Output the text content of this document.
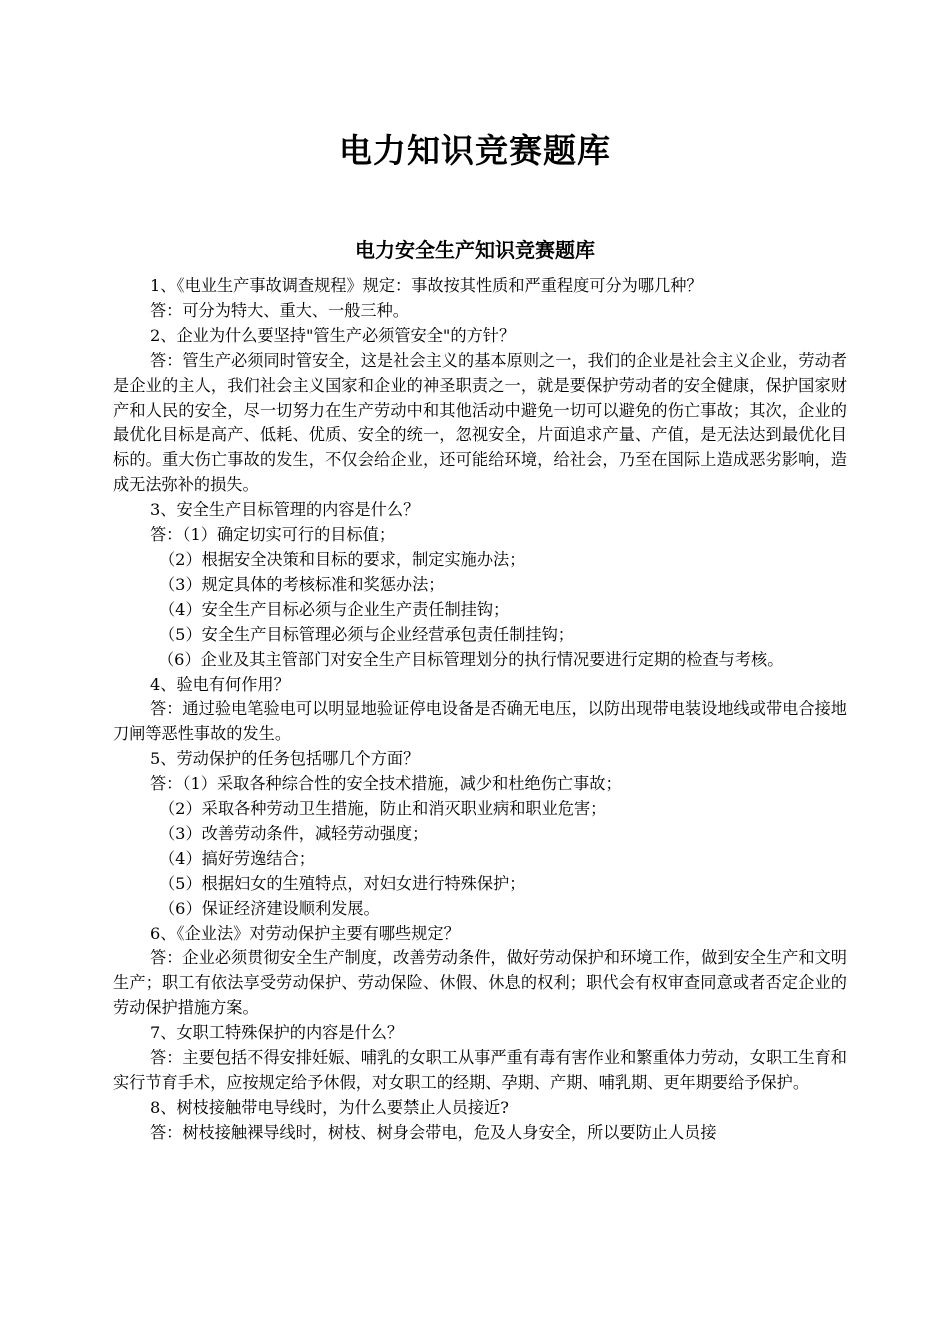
电力知识竞赛题库
电力安全生产知识竞赛题库

1、《电业生产事故调查规程》规定：事故按其性质和严重程度可分为哪几种？

答：可分为特大、重大、一般三种。

2、企业为什么要坚持"管生产必须管安全"的方针？

答：管生产必须同时管安全，这是社会主义的基本原则之一，我们的企业是社会主义企业，劳动者是企业的主人，我们社会主义国家和企业的神圣职责之一，就是要保护劳动者的安全健康，保护国家财产和人民的安全，尽一切努力在生产劳动中和其他活动中避免一切可以避免的伤亡事故；其次，企业的最优化目标是高产、低耗、优质、安全的统一，忽视安全，片面追求产量、产值，是无法达到最优化目标的。重大伤亡事故的发生，不仅会给企业，还可能给环境，给社会，乃至在国际上造成恶劣影响，造成无法弥补的损失。

3、安全生产目标管理的内容是什么？

答：（1）确定切实可行的目标值；

（2）根据安全决策和目标的要求，制定实施办法；

（3）规定具体的考核标准和奖惩办法；

（4）安全生产目标必须与企业生产责任制挂钩；

（5）安全生产目标管理必须与企业经营承包责任制挂钩；

（6）企业及其主管部门对安全生产目标管理划分的执行情况要进行定期的检查与考核。

4、验电有何作用？

答：通过验电笔验电可以明显地验证停电设备是否确无电压，以防出现带电装设地线或带电合接地刀闸等恶性事故的发生。

5、劳动保护的任务包括哪几个方面？

答：（1）采取各种综合性的安全技术措施，减少和杜绝伤亡事故；

（2）采取各种劳动卫生措施，防止和消灭职业病和职业危害；

（3）改善劳动条件，减轻劳动强度；

（4）搞好劳逸结合；

（5）根据妇女的生殖特点，对妇女进行特殊保护；

（6）保证经济建设顺利发展。

6、《企业法》对劳动保护主要有哪些规定？

答：企业必须贯彻安全生产制度，改善劳动条件，做好劳动保护和环境工作，做到安全生产和文明生产；职工有依法享受劳动保护、劳动保险、休假、休息的权利；职代会有权审查同意或者否定企业的劳动保护措施方案。

7、女职工特殊保护的内容是什么？

答：主要包括不得安排妊娠、哺乳的女职工从事严重有毒有害作业和繁重体力劳动，女职工生育和实行节育手术，应按规定给予休假，对女职工的经期、孕期、产期、哺乳期、更年期要给予保护。

8、树枝接触带电导线时，为什么要禁止人员接近?

答：树枝接触裸导线时，树枝、树身会带电，危及人身安全，所以要防止人员接
